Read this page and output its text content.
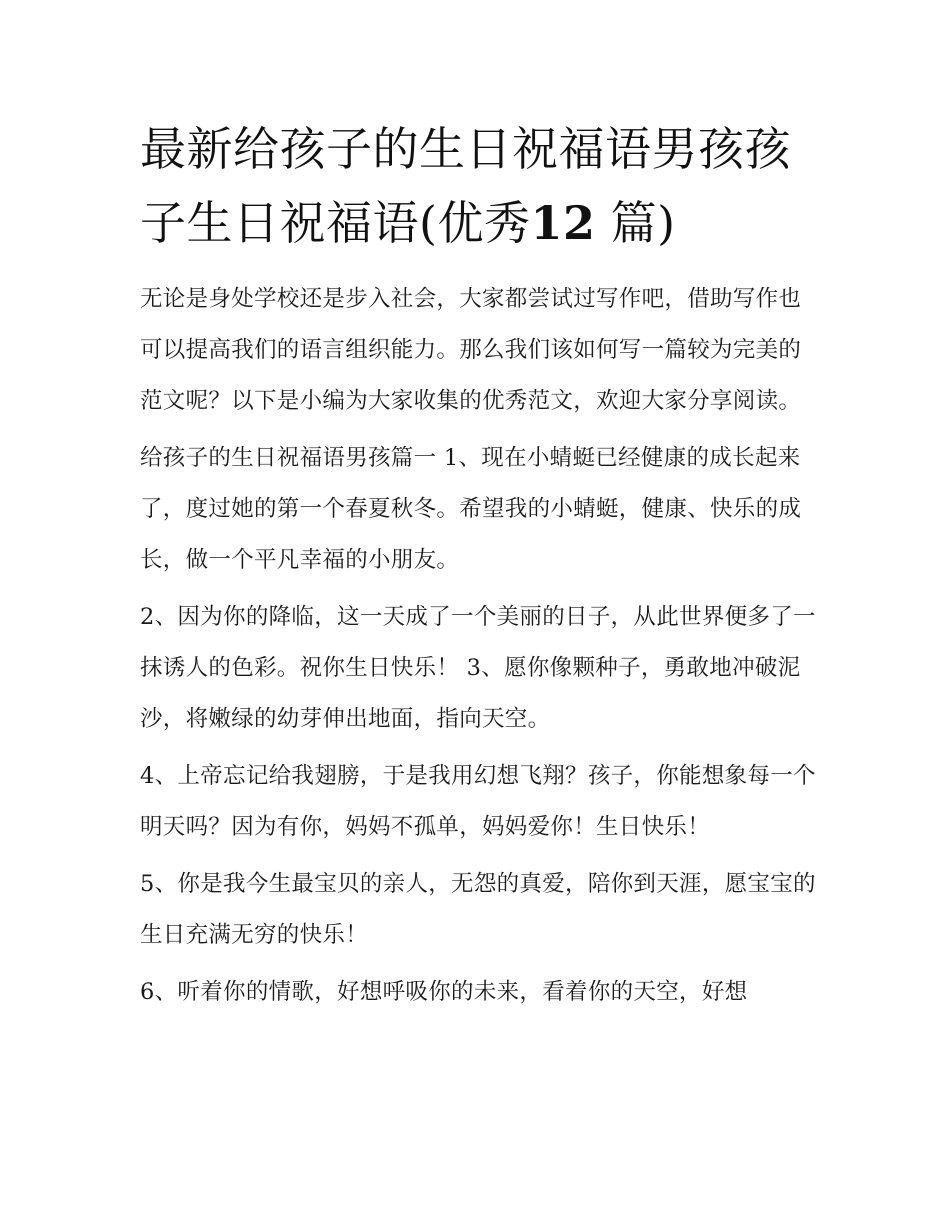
最新给孩子的生日祝福语男孩孩子生日祝福语(优秀12 篇)

无论是身处学校还是步入社会，大家都尝试过写作吧，借助写作也可以提高我们的语言组织能力。那么我们该如何写一篇较为完美的范文呢？以下是小编为大家收集的优秀范文，欢迎大家分享阅读。

给孩子的生日祝福语男孩篇一 1、现在小蜻蜓已经健康的成长起来了，度过她的第一个春夏秋冬。希望我的小蜻蜓，健康、快乐的成长，做一个平凡幸福的小朋友。

2、因为你的降临，这一天成了一个美丽的日子，从此世界便多了一抹诱人的色彩。祝你生日快乐！ 3、愿你像颗种子，勇敢地冲破泥沙，将嫩绿的幼芽伸出地面，指向天空。

4、上帝忘记给我翅膀，于是我用幻想飞翔？孩子，你能想象每一个明天吗？因为有你，妈妈不孤单，妈妈爱你！生日快乐！

5、你是我今生最宝贝的亲人，无怨的真爱，陪你到天涯，愿宝宝的生日充满无穷的快乐！

6、听着你的情歌，好想呼吸你的未来，看着你的天空，好想
